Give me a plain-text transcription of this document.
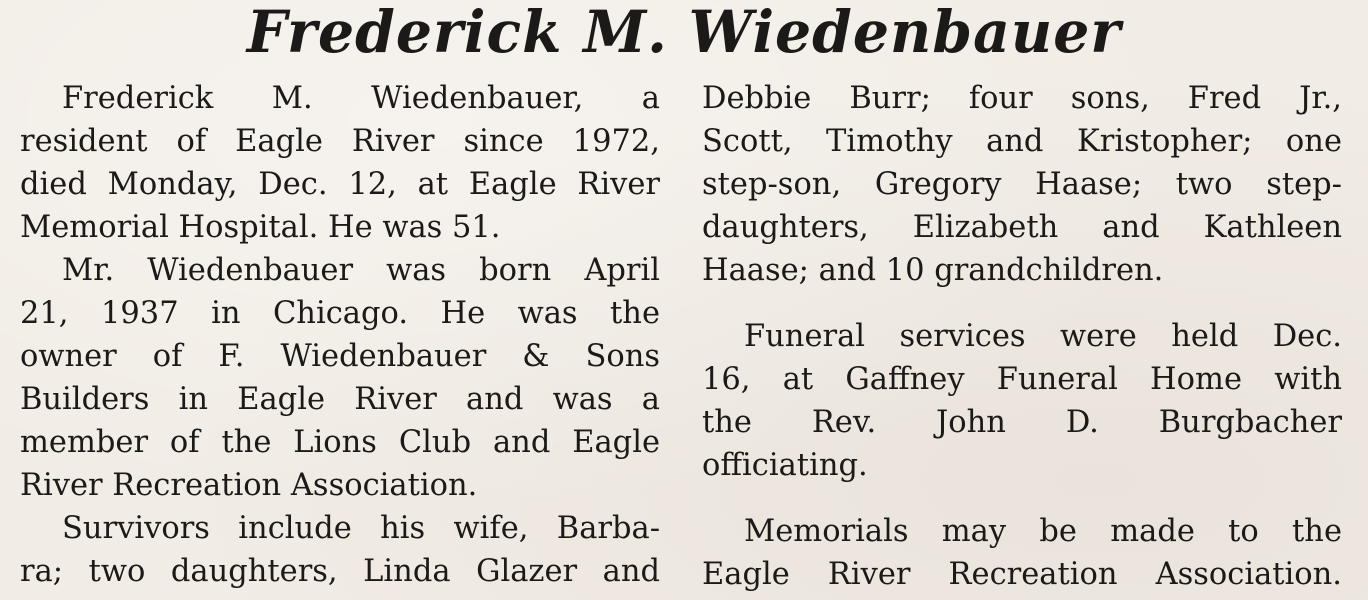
Frederick M. Wiedenbauer
Frederick M. Wiedenbauer, a
resident of Eagle River since 1972,
died Monday, Dec. 12, at Eagle River
Memorial Hospital. He was 51.
Mr. Wiedenbauer was born April
21, 1937 in Chicago. He was the
owner of F. Wiedenbauer & Sons
Builders in Eagle River and was a
member of the Lions Club and Eagle
River Recreation Association.
Survivors include his wife, Barba-
ra; two daughters, Linda Glazer and
Debbie Burr; four sons, Fred Jr.,
Scott, Timothy and Kristopher; one
step-son, Gregory Haase; two step-
daughters, Elizabeth and Kathleen
Haase; and 10 grandchildren.
Funeral services were held Dec.
16, at Gaffney Funeral Home with
the Rev. John D. Burgbacher
officiating.
Memorials may be made to the
Eagle River Recreation Association.
